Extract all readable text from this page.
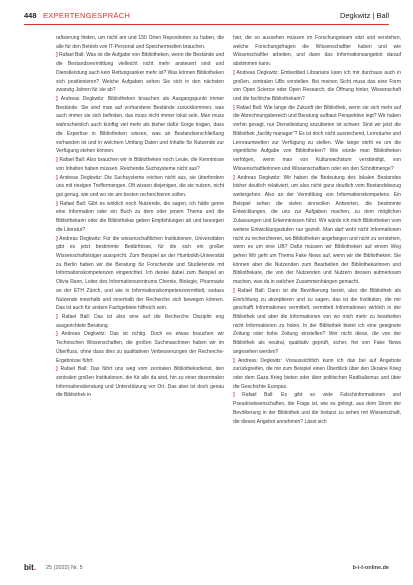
448 EXPERTENGESPRÄCH	Degkwitz | Ball

rafisierung finden, um nicht am und 150 Orten Repositorien zu haben, die alle für den Betrieb von IT-Personal und Speichermedien brauchen.

] Rafael Ball: Was ist die Aufgabe von Bibliotheken, wenn die Bestände und die Bestandsvermittlung vielleicht nicht mehr ansteuert sind und Dienstleistung auch kein Rettungsanker mehr ist? Was können Bibliotheken sich positionieren? Welche Aufgaben sehen Sie sich in den nächsten zwanzig Jahren für sie ab?

] Andreas Degkwitz: Bibliotheken brauchen als Ausgangspunkt immer Bestände. Sie sind man auf vorhandene Bestände zurückkommen, was auch immer sie sich befinden, das muss nicht immer lokal sein. Man muss wahrscheinlich auch künftig viel mehr als bisher dafür Sorge tragen, dass die Expertise in Bibliotheken wissen, was an Bestandserschließung vorhanden ist und in welchem Umfang Daten und Inhalte für Nutzende zur Verfügung stehen können.

] Rafael Ball: Also brauchen wir in Bibliotheken noch Leute, die Kenntnisse von Inhalten haben müssen. Reichende Suchsysteme nicht aus?

] Andreas Degkwitz: Die Suchsysteme reichen nicht aus, sie überfordern uns mit riesigen Treffermengen. Oft wissen diejenigen, die sie nutzen, nicht gut genug, wie und wo sie am besten recherchieren sollen.

] Rafael Ball: Gibt es wirklich noch Nutzende, die sagen, ich hätte gerne eine Information oder ein Buch zu dem oder jenem Thema und die Bibliothekarin oder die Bibliothekar geben Empfehlungen ab und besorgen die Literatur?

] Andreas Degkwitz: Für die wissenschaftlichen Institutionen, Universitäten gibt es jetzt bestimmte Bedürfnisse, für die sich ein großer Wissenschaftsträger ausspricht. Zum Beispiel an der Humboldt-Universität zu Berlin haben wir die Beratung für Forschende und Studierende mit Informationskompetenzen eingerichtet. Ich denke dabei zum Beispiel an Olivia Rann, Leiter des Informationszentrums Chemie, Biologie, Pharmazie an der ETH Zürich, und wie in Informationskompetenzvermittelt, sodass Nutzende innerhalb und innerhalb der Recherche sich bewegen können. Das ist auch für andere Fachgebiete hilfreich sein.

] Rafael Ball: Das ist also eine auf die Recherche Disziplin eng ausgerichtete Beratung.

] Andreas Degkwitz: Das ist richtig. Doch es etwas brauchen wir Technischen Wissenschaften, die großen Suchmaschinen haben wir im Überfluss, ohne dass dies zu qualitativen Verbesserungen der Recherche-Ergebnisse führt.

] Rafael Ball: Das führt uns weg vom zentralen Bibliotheksdienst, den zentralen großen Institutionen, die für alle da sind, hin zu einer dezentralen Informationsberatung und Unterstützung vor Ort. Das aber ist doch genau die Bibliothek in

hier, die so aussehen müssen im Forschungsteam sitzt und verstehen, welche Forschungsfragen die Wissenschaftler haben und wie Wissenschaftler arbeiten, und dann das Informationsangebot darauf abstimmen kann.

] Andreas Degkwitz: Embedded Librarians kann ich mir durchaus auch in großen, zentralen UBs vorstellen. Bei meinen Sicht muss das eine Form von Open Science oder Open Research, die Öffnung hinter, Wissenschaft und die fachliche Bibliothekarin?

] Rafael Ball: Wie lange die Zukunft der Bibliothek, wenn sie sich mehr auf die Abrechnungsbereich und Beratung aufbaut Perspektive legt? Wir haben vorhin gesagt, nur Dienstleistung anzubieten ist schwer. Sind wir jetzt die Bibliothek „facility manager“? Es ist doch nicht ausreichend, Lernräume und Lernraumwelten zur Verfügung zu stellen. Wie lange steht es um die eigentliche Aufgabe von Bibliotheken? Wie würde man Bibliotheken verfolgen, wenn man von Kulturwachstum verständigt, von Wissenschaftlerinnen und Wissenschaftlern oder ein den Schnittmenge?

] Andreas Degkwitz: Wir haben die Bedeutung des lokalen Bestandes bisher deutlich relativiert, um also nicht ganz deutlich vom Bestandsbezug weitergehen. Also an der Vermittlung von Informationskompetenz. Ein Beispiel sehen die vielen sinnvollen Antworten, die bestimmte Entwicklungen, die uns zur Aufgaben machen, zu dem möglichen Zulassungen und Erkenntnissen führt. Wir würde ich mich Bibliotheken vom weitere Entwicklungsstufen nur gezielt. Man darf wohl nicht Informationen nicht zu recherchieren, wo Bibliotheken angefangen und nicht zu verstehen, wenn es um eine UB? Dafür müssen wir Bibliotheken auf einem Weg gehen Wir geht um Thema Fake News auf, wenn wir die Bibliotheken. Sie können aber die Nutzenden zum Bearbeiten der Bibliothekarinnen und Bibliothekare, die von der Nutzenden und Nutzern dessen aufmerksam machen, was da in welchen Zusammenhängen gemacht.

] Rafael Ball: Dann ist die Bevölkerung bereit, also die Bibliothek als Einrichtung zu akzeptieren und zu sagen, das ist die Institution, die mir geschafft Informationen vermittelt, vermittelt Informationen wirklich in der Bibliothek und aber die Informationen von wo mich mehr zu bearbeiten nicht Informationen zu holen. In der Bibliothek bietet ich eine geeignete Zeitung oder hohe Zeitung einstellen? Wer nicht diese, die von der Bibliothek als neutral, qualitativ geprüft, sicher, frei von Fake News angesehen werden?

] Andreas Degkwitz: Voraussichtlich kann ich das bei auf Angebote zurückgreifen, die mir zum Beispiel einen Überblick über den Ukraine Krieg oder dem Gaza Krieg bieten oder über politischen Radikalismus und über die Geschichte Europas.

] Rafael Ball: Es gibt so viele Falschinformationen und Pseudowissenschaften, die Frage ist, wie es gelingt, aus dem Strom der Bevölkerung in der Bibliothek und die Instanz zu sehen mit Wissenschaft, die dieses Angebot annehmen? Lässt sich

bit. 25 (2022) Nr. 5	b-i-t-online.de
